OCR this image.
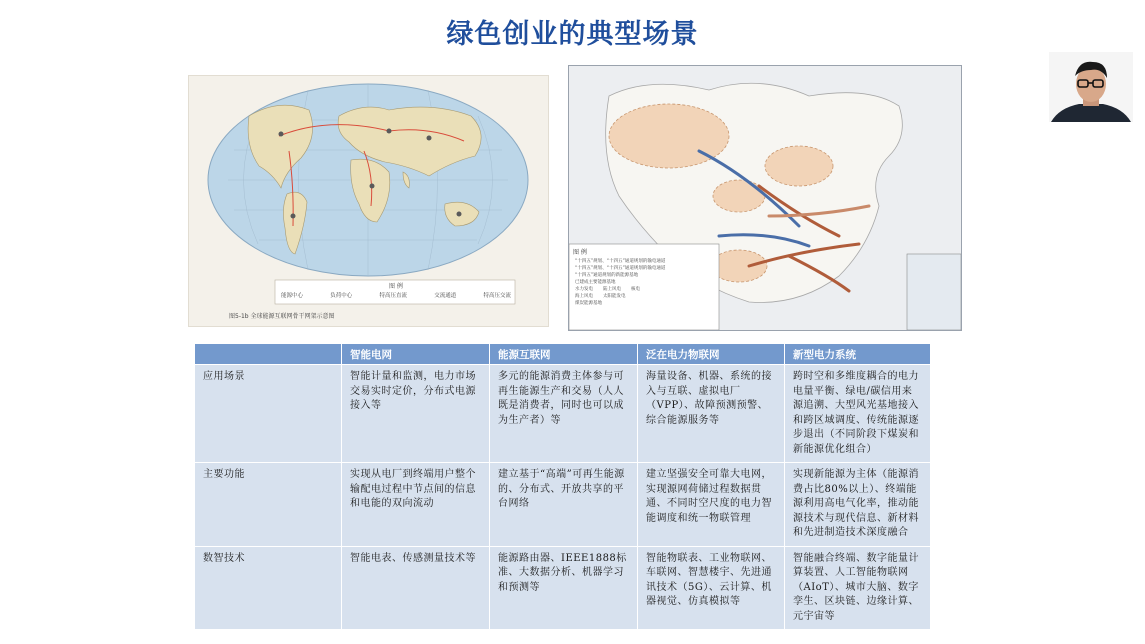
绿色创业的典型场景
图 例
能源中心	负荷中心	特高压直流	交流通道	特高压交流
图5-1b 全球能源互联网骨干网架示意图
图 例
“十四五”规划、“十四五”通道规划的输电通道
“十四五”规划、“十四五”通道规划的输电通道
“十四五”通道规划的新能源基地
已建成主要能源基地
水力发电 陆上风电 核电
海上风电 太阳能发电
煤炭能源基地
	智能电网	能源互联网	泛在电力物联网	新型电力系统
应用场景	智能计量和监测，电力市场交易实时定价，分布式电源接入等	多元的能源消费主体参与可再生能源生产和交易（人人既是消费者，同时也可以成为生产者）等	海量设备、机器、系统的接入与互联、虚拟电厂（VPP）、故障预测预警、综合能源服务等	跨时空和多维度耦合的电力电量平衡、绿电/碳信用来源追溯、大型风光基地接入和跨区域调度、传统能源逐步退出（不同阶段下煤炭和新能源优化组合）
主要功能	实现从电厂到终端用户整个输配电过程中节点间的信息和电能的双向流动	建立基于“高端”可再生能源的、分布式、开放共享的平台网络	建立坚强安全可靠大电网，实现源网荷储过程数据贯通、不同时空尺度的电力智能调度和统一物联管理	实现新能源为主体（能源消费占比80%以上）、终端能源利用高电气化率，推动能源技术与现代信息、新材料和先进制造技术深度融合
数智技术	智能电表、传感测量技术等	能源路由器、IEEE1888标准、大数据分析、机器学习和预测等	智能物联表、工业物联网、车联网、智慧楼宇、先进通讯技术（5G）、云计算、机器视觉、仿真模拟等	智能融合终端、数字能量计算装置、人工智能物联网（AIoT）、城市大脑、数字孪生、区块链、边缘计算、元宇宙等
